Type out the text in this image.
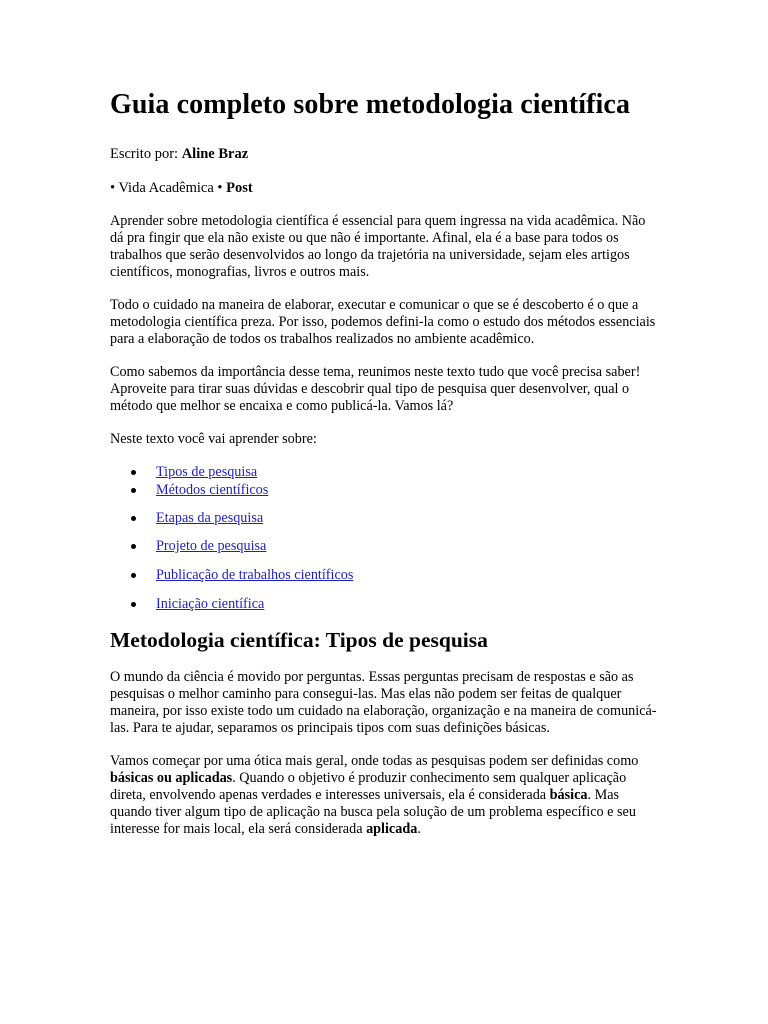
Guia completo sobre metodologia científica
Escrito por: Aline Braz
• Vida Acadêmica • Post

Aprender sobre metodologia científica é essencial para quem ingressa na vida acadêmica. Não dá pra fingir que ela não existe ou que não é importante. Afinal, ela é a base para todos os trabalhos que serão desenvolvidos ao longo da trajetória na universidade, sejam eles artigos científicos, monografias, livros e outros mais.

Todo o cuidado na maneira de elaborar, executar e comunicar o que se é descoberto é o que a metodologia científica preza. Por isso, podemos defini-la como o estudo dos métodos essenciais para a elaboração de todos os trabalhos realizados no ambiente acadêmico.

Como sabemos da importância desse tema, reunimos neste texto tudo que você precisa saber! Aproveite para tirar suas dúvidas e descobrir qual tipo de pesquisa quer desenvolver, qual o método que melhor se encaixa e como publicá-la. Vamos lá?

Neste texto você vai aprender sobre:

Tipos de pesquisa
Métodos científicos
Etapas da pesquisa
Projeto de pesquisa
Publicação de trabalhos científicos
Iniciação científica
Metodologia científica: Tipos de pesquisa

O mundo da ciência é movido por perguntas. Essas perguntas precisam de respostas e são as pesquisas o melhor caminho para consegui-las. Mas elas não podem ser feitas de qualquer maneira, por isso existe todo um cuidado na elaboração, organização e na maneira de comunicá-las. Para te ajudar, separamos os principais tipos com suas definições básicas.

Vamos começar por uma ótica mais geral, onde todas as pesquisas podem ser definidas como básicas ou aplicadas. Quando o objetivo é produzir conhecimento sem qualquer aplicação direta, envolvendo apenas verdades e interesses universais, ela é considerada básica. Mas quando tiver algum tipo de aplicação na busca pela solução de um problema específico e seu interesse for mais local, ela será considerada aplicada.
